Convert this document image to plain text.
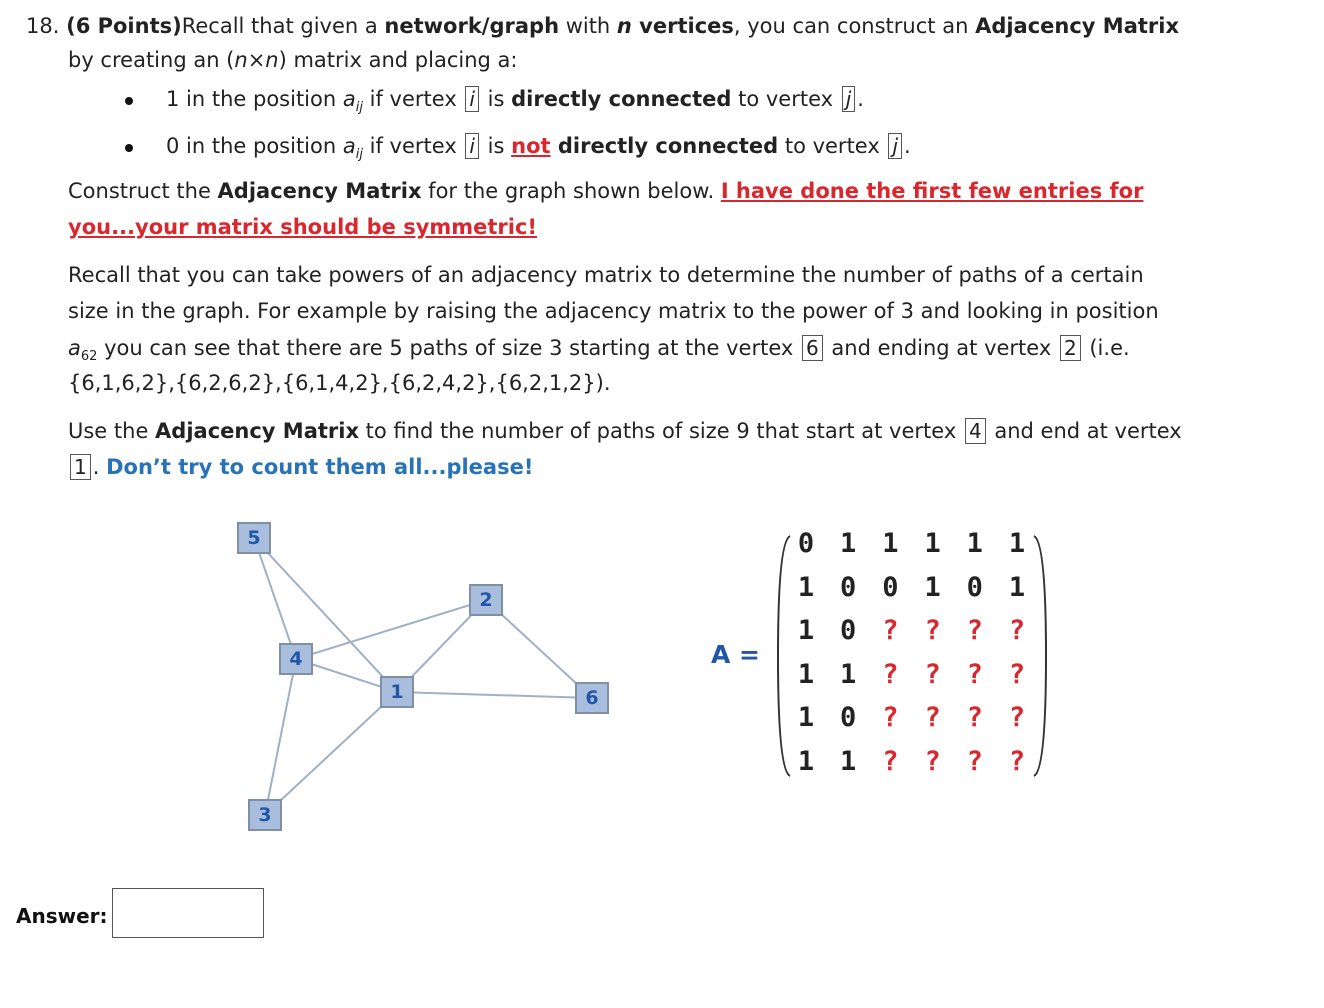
18. (6 Points)Recall that given a network/graph with n vertices, you can construct an Adjacency Matrix
by creating an (n×n) matrix and placing a:
1 in the position $a_{ij}$ if vertex i is directly connected to vertex j .
0 in the position $a_{ij}$ if vertex i is not directly connected to vertex j .
Construct the Adjacency Matrix for the graph shown below. I have done the first few entries for
you...your matrix should be symmetric!
Recall that you can take powers of an adjacency matrix to determine the number of paths of a certain
size in the graph. For example by raising the adjacency matrix to the power of 3 and looking in position
$a_{62}$ you can see that there are 5 paths of size 3 starting at the vertex 6 and ending at vertex 2 (i.e.
{6,1,6,2},{6,2,6,2},{6,1,4,2},{6,2,4,2},{6,2,1,2}).
Use the Adjacency Matrix to find the number of paths of size 9 that start at vertex 4 and end at vertex
1 . Don’t try to count them all...please!
5
2
4
1	6
3
A =
0 1 1 1 1 1
1 0 0 1 0 1
1 0 ? ? ? ?
1 1 ? ? ? ?
1 0 ? ? ? ?
1 1 ? ? ? ?
Answer:
